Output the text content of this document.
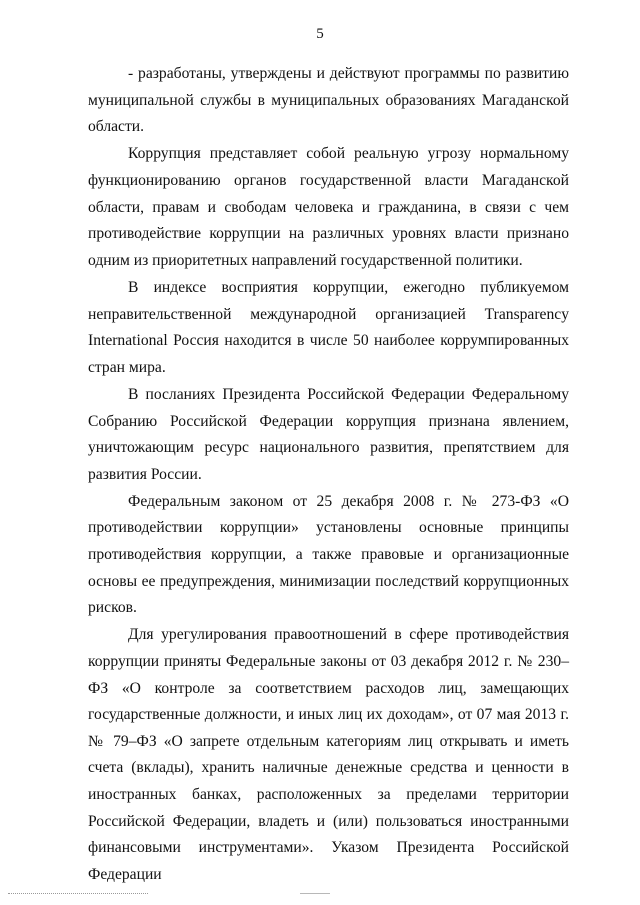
5

- разработаны, утверждены и действуют программы по развитию муниципальной службы в муниципальных образованиях Магаданской области.

Коррупция представляет собой реальную угрозу нормальному функционированию органов государственной власти Магаданской области, правам и свободам человека и гражданина, в связи с чем противодействие коррупции на различных уровнях власти признано одним из приоритетных направлений государственной политики.

В индексе восприятия коррупции, ежегодно публикуемом неправительственной международной организацией Transparency International Россия находится в числе 50 наиболее коррумпированных стран мира.

В посланиях Президента Российской Федерации Федеральному Собранию Российской Федерации коррупция признана явлением, уничтожающим ресурс национального развития, препятствием для развития России.

Федеральным законом от 25 декабря 2008 г. № 273-ФЗ «О противодействии коррупции» установлены основные принципы противодействия коррупции, а также правовые и организационные основы ее предупреждения, минимизации последствий коррупционных рисков.

Для урегулирования правоотношений в сфере противодействия коррупции приняты Федеральные законы от 03 декабря 2012 г. № 230–ФЗ «О контроле за соответствием расходов лиц, замещающих государственные должности, и иных лиц их доходам», от 07 мая 2013 г. № 79–ФЗ «О запрете отдельным категориям лиц открывать и иметь счета (вклады), хранить наличные денежные средства и ценности в иностранных банках, расположенных за пределами территории Российской Федерации, владеть и (или) пользоваться иностранными финансовыми инструментами». Указом Президента Российской Федерации
